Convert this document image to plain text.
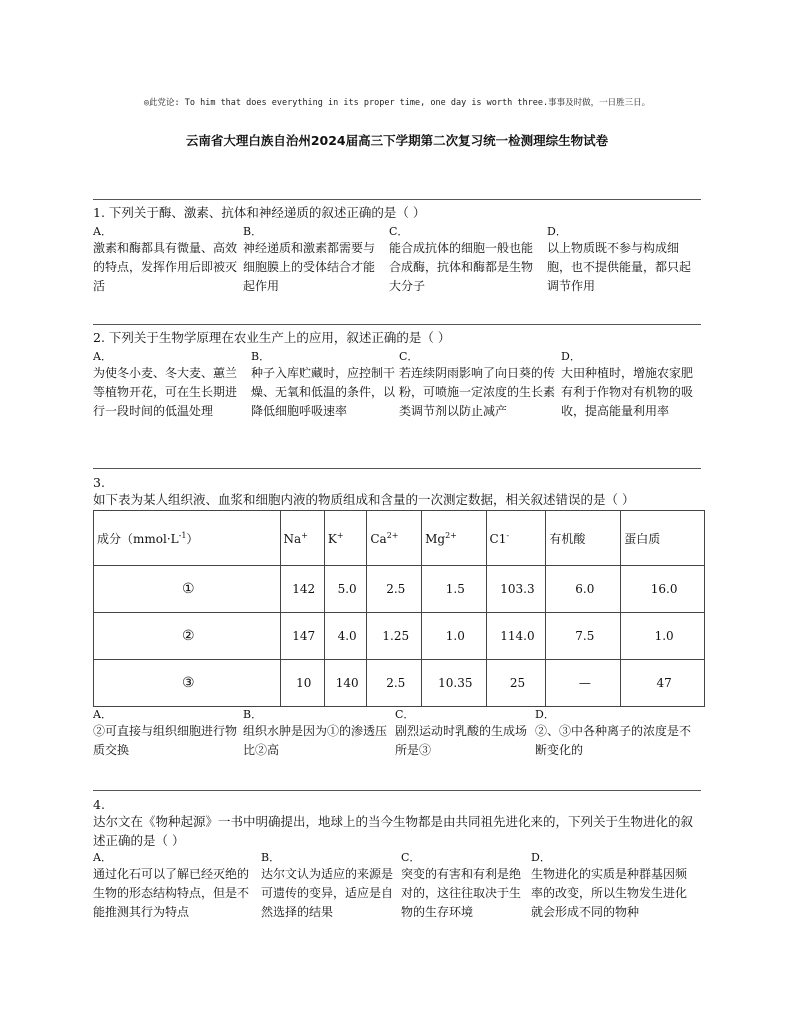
◎此党论: To him that does everything in its proper time, one day is worth three.事事及时做，一日胜三日。
云南省大理白族自治州2024届高三下学期第二次复习统一检测理综生物试卷
1. 下列关于酶、激素、抗体和神经递质的叙述正确的是（ ）
A．
激素和酶都具有微量、高效的特点，发挥作用后即被灭活
B．
神经递质和激素都需要与细胞膜上的受体结合才能起作用
C．
能合成抗体的细胞一般也能合成酶，抗体和酶都是生物大分子
D．
以上物质既不参与构成细胞，也不提供能量，都只起调节作用
2. 下列关于生物学原理在农业生产上的应用，叙述正确的是（ ）
A．
为使冬小麦、冬大麦、蕙兰等植物开花，可在生长期进行一段时间的低温处理
B．
种子入库贮藏时，应控制干燥、无氧和低温的条件，以降低细胞呼吸速率
C．
若连续阴雨影响了向日葵的传粉，可喷施一定浓度的生长素类调节剂以防止减产
D．
大田种植时，增施农家肥有利于作物对有机物的吸收，提高能量利用率
3.
如下表为某人组织液、血浆和细胞内液的物质组成和含量的一次测定数据，相关叙述错误的是（ ）
成分$(mmol\cdot L^{-1})$	Na+	K+	$Ca^{2+}$	$Mg^{2+}$	C1-	有机酸	蛋白质
①	142	5.0	2.5	1.5	103.3	6.0	16.0
②	147	4.0	1.25	1.0	114.0	7.5	1.0
③	10	140	2.5	10.35	25	—	47
A．
②可直接与组织细胞进行物质交换
B．
组织水肿是因为①的渗透压比②高
C．
剧烈运动时乳酸的生成场所是③
D．
②、③中各种离子的浓度是不断变化的
4.
达尔文在《物种起源》一书中明确提出，地球上的当今生物都是由共同祖先进化来的，下列关于生物进化的叙述正确的是（ ）
A．
通过化石可以了解已经灭绝的生物的形态结构特点，但是不能推测其行为特点
B．
达尔文认为适应的来源是可遗传的变异，适应是自然选择的结果
C．
突变的有害和有利是绝对的，这往往取决于生物的生存环境
D．
生物进化的实质是种群基因频率的改变，所以生物发生进化就会形成不同的物种
